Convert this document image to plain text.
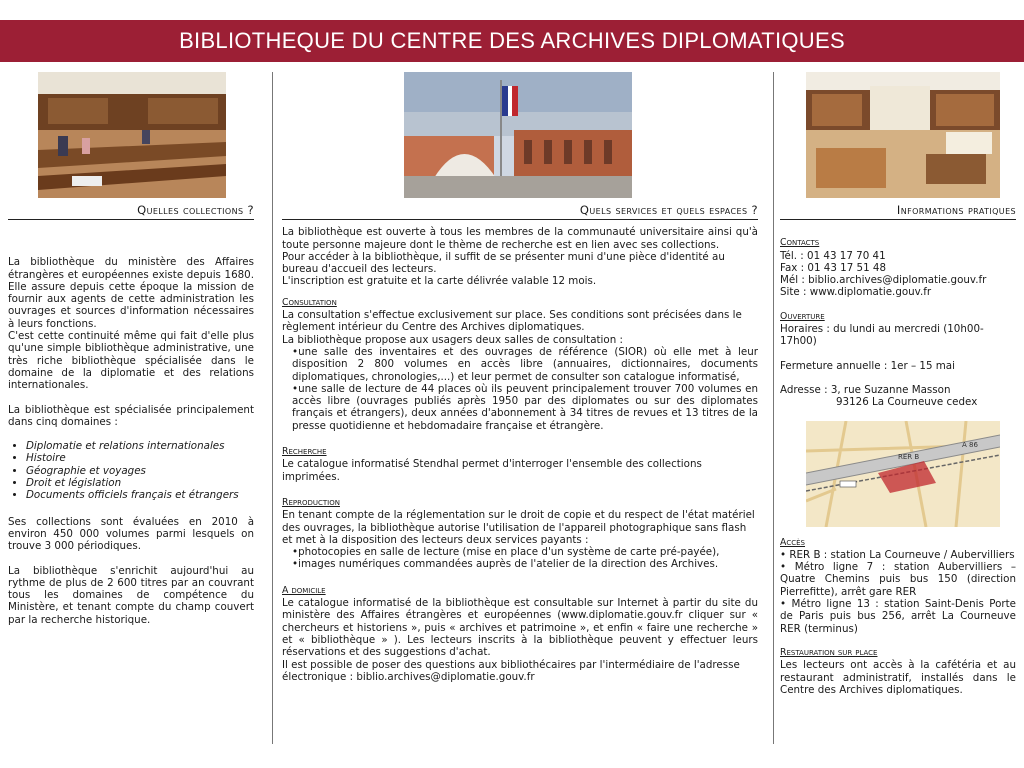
BIBLIOTHEQUE DU CENTRE DES ARCHIVES DIPLOMATIQUES
Quelles collections ?

La bibliothèque du ministère des Affaires étrangères et européennes existe depuis 1680. Elle assure depuis cette époque la mission de fournir aux agents de cette administration les ouvrages et sources d'information nécessaires à leurs fonctions.

C'est cette continuité même qui fait d'elle plus qu'une simple bibliothèque administrative, une très riche bibliothèque spécialisée dans le domaine de la diplomatie et des relations internationales.

La bibliothèque est spécialisée principalement dans cinq domaines :

• Diplomatie et relations internationales
• Histoire
• Géographie et voyages
• Droit et législation
• Documents officiels français et étrangers

Ses collections sont évaluées en 2010 à environ 450 000 volumes parmi lesquels on trouve 3 000 périodiques.

La bibliothèque s'enrichit aujourd'hui au rythme de plus de 2 600 titres par an couvrant tous les domaines de compétence du Ministère, et tenant compte du champ couvert par la recherche historique.

Quels services et quels espaces ?

La bibliothèque est ouverte à tous les membres de la communauté universitaire ainsi qu'à toute personne majeure dont le thème de recherche est en lien avec ses collections.

Pour accéder à la bibliothèque, il suffit de se présenter muni d'une pièce d'identité au bureau d'accueil des lecteurs.

L'inscription est gratuite et la carte délivrée valable 12 mois.

Consultation

La consultation s'effectue exclusivement sur place. Ses conditions sont précisées dans le règlement intérieur du Centre des Archives diplomatiques.

La bibliothèque propose aux usagers deux salles de consultation :

• une salle des inventaires et des ouvrages de référence (SIOR) où elle met à leur disposition 2 800 volumes en accès libre (annuaires, dictionnaires, documents diplomatiques, chronologies,...) et leur permet de consulter son catalogue informatisé,
• une salle de lecture de 44 places où ils peuvent principalement trouver 700 volumes en accès libre (ouvrages publiés après 1950 par des diplomates ou sur des diplomates français et étrangers), deux années d'abonnement à 34 titres de revues et 13 titres de la presse quotidienne et hebdomadaire française et étrangère.
Recherche

Le catalogue informatisé Stendhal permet d'interroger l'ensemble des collections imprimées.

Reproduction

En tenant compte de la réglementation sur le droit de copie et du respect de l'état matériel des ouvrages, la bibliothèque autorise l'utilisation de l'appareil photographique sans flash et met à la disposition des lecteurs deux services payants :

• photocopies en salle de lecture (mise en place d'un système de carte pré-payée),
• images numériques commandées auprès de l'atelier de la direction des Archives.
A domicile

Le catalogue informatisé de la bibliothèque est consultable sur Internet à partir du site du ministère des Affaires étrangères et européennes (www.diplomatie.gouv.fr cliquer sur « chercheurs et historiens », puis « archives et patrimoine », et enfin « faire une recherche » et « bibliothèque » ). Les lecteurs inscrits à la bibliothèque peuvent y effectuer leurs réservations et des suggestions d'achat.

Il est possible de poser des questions aux bibliothécaires par l'intermédiaire de l'adresse électronique : biblio.archives@diplomatie.gouv.fr

Informations pratiques
Contacts

Tél. : 01 43 17 70 41

Fax : 01 43 17 51 48

Mél : biblio.archives@diplomatie.gouv.fr

Site : www.diplomatie.gouv.fr

Ouverture

Horaires : du lundi au mercredi (10h00-17h00)

Fermeture annuelle : 1er – 15 mai

Adresse : 3, rue Suzanne Masson

93126 La Courneuve cedex

RER B
A 86
Accès

• RER B : station La Courneuve / Aubervilliers

• Métro ligne 7 : station Aubervilliers – Quatre Chemins puis bus 150 (direction Pierrefitte), arrêt gare RER

• Métro ligne 13 : station Saint-Denis Porte de Paris puis bus 256, arrêt La Courneuve RER (terminus)

Restauration sur place

Les lecteurs ont accès à la cafétéria et au restaurant administratif, installés dans le Centre des Archives diplomatiques.
